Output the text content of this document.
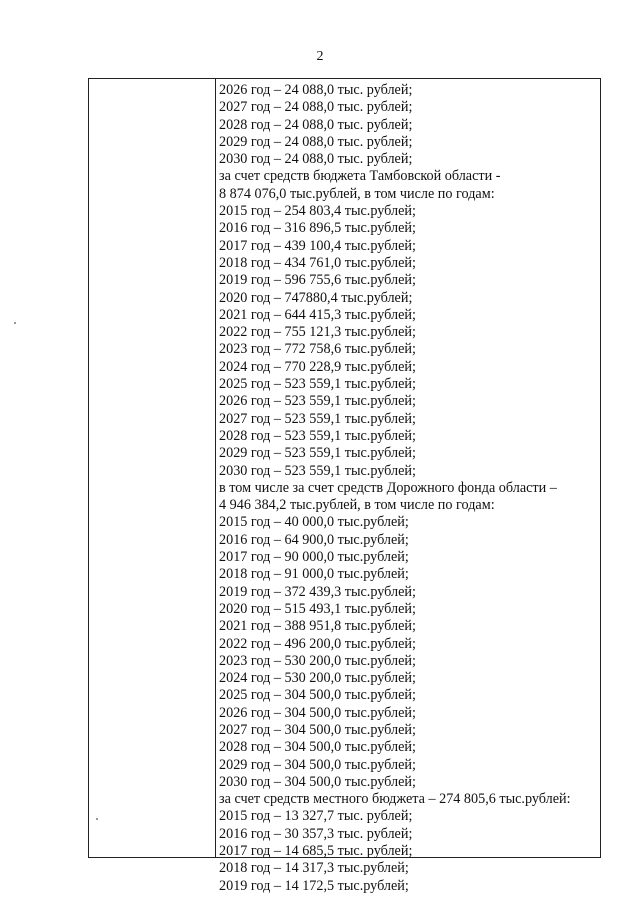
2
2026 год – 24 088,0 тыс. рублей;
2027 год – 24 088,0 тыс. рублей;
2028 год – 24 088,0 тыс. рублей;
2029 год – 24 088,0 тыс. рублей;
2030 год – 24 088,0 тыс. рублей;
за счет средств бюджета Тамбовской области -
8 874 076,0 тыс.рублей, в том числе по годам:
2015 год – 254 803,4 тыс.рублей;
2016 год – 316 896,5 тыс.рублей;
2017 год – 439 100,4 тыс.рублей;
2018 год – 434 761,0 тыс.рублей;
2019 год – 596 755,6 тыс.рублей;
2020 год – 747880,4 тыс.рублей;
2021 год – 644 415,3 тыс.рублей;
2022 год – 755 121,3 тыс.рублей;
2023 год – 772 758,6 тыс.рублей;
2024 год – 770 228,9 тыс.рублей;
2025 год – 523 559,1 тыс.рублей;
2026 год – 523 559,1 тыс.рублей;
2027 год – 523 559,1 тыс.рублей;
2028 год – 523 559,1 тыс.рублей;
2029 год – 523 559,1 тыс.рублей;
2030 год – 523 559,1 тыс.рублей;
в том числе за счет средств Дорожного фонда области –
4 946 384,2 тыс.рублей, в том числе по годам:
2015 год – 40 000,0 тыс.рублей;
2016 год – 64 900,0 тыс.рублей;
2017 год – 90 000,0 тыс.рублей;
2018 год – 91 000,0 тыс.рублей;
2019 год – 372 439,3 тыс.рублей;
2020 год – 515 493,1 тыс.рублей;
2021 год – 388 951,8 тыс.рублей;
2022 год – 496 200,0 тыс.рублей;
2023 год – 530 200,0 тыс.рублей;
2024 год – 530 200,0 тыс.рублей;
2025 год – 304 500,0 тыс.рублей;
2026 год – 304 500,0 тыс.рублей;
2027 год – 304 500,0 тыс.рублей;
2028 год – 304 500,0 тыс.рублей;
2029 год – 304 500,0 тыс.рублей;
2030 год – 304 500,0 тыс.рублей;
за счет средств местного бюджета – 274 805,6 тыс.рублей:
2015 год – 13 327,7 тыс. рублей;
2016 год – 30 357,3 тыс. рублей;
2017 год – 14 685,5 тыс. рублей;
2018 год – 14 317,3 тыс.рублей;
2019 год – 14 172,5 тыс.рублей;
